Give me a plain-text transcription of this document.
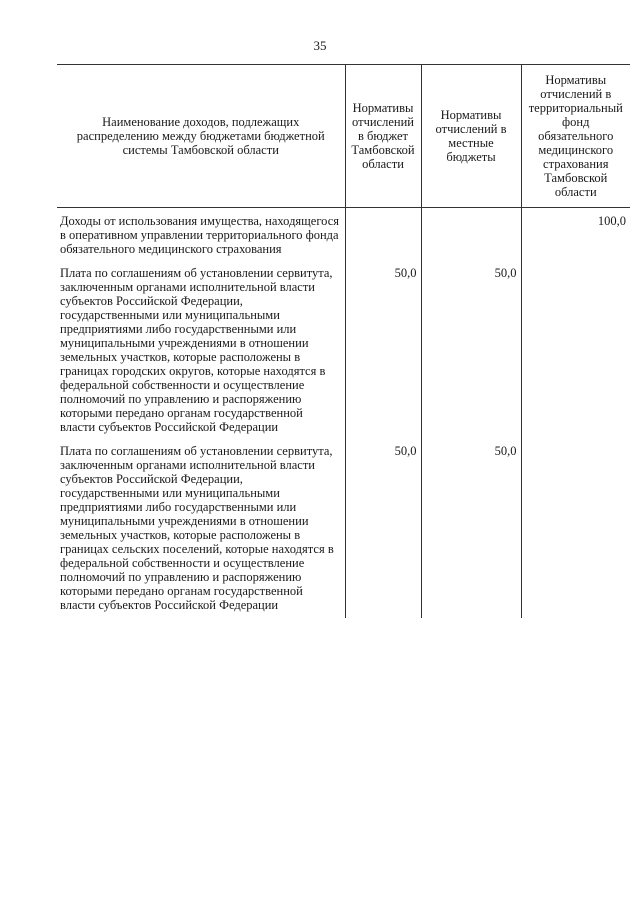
35
Наименование доходов, подлежащих распределению между бюджетами бюджетной системы Тамбовской области	Нормативы отчислений в бюджет Тамбовской области	Нормативы отчислений в местные бюджеты	Нормативы отчислений в территориальный фонд обязательного медицинского страхования Тамбовской области
Доходы от использования имущества, находящегося в оперативном управлении территориального фонда обязательного медицинского страхования			100,0
Плата по соглашениям об установлении сервитута, заключенным органами исполнительной власти субъектов Российской Федерации, государственными или муниципальными предприятиями либо государственными или муниципальными учреждениями в отношении земельных участков, которые расположены в границах городских округов, которые находятся в федеральной собственности и осуществление полномочий по управлению и распоряжению которыми передано органам государственной власти субъектов Российской Федерации	50,0	50,0	
Плата по соглашениям об установлении сервитута, заключенным органами исполнительной власти субъектов Российской Федерации, государственными или муниципальными предприятиями либо государственными или муниципальными учреждениями в отношении земельных участков, которые расположены в границах сельских поселений, которые находятся в федеральной собственности и осуществление полномочий по управлению и распоряжению которыми передано органам государственной власти субъектов Российской Федерации	50,0	50,0	
